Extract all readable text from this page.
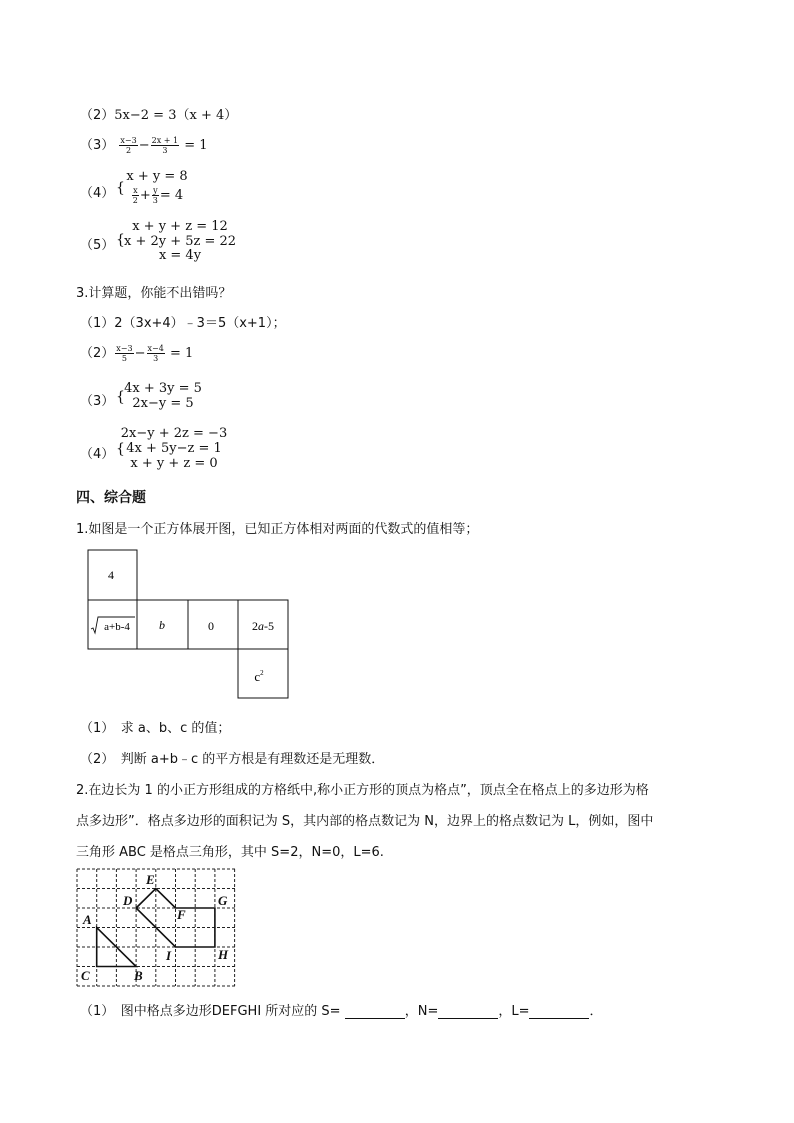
（2）5x−2 = 3（x + 4）
$(3) \frac{x-3}{2} - \frac{2x + 1}{3} = 1$
（4） {
x + y = 8
$\frac{x}{2} + \frac{y}{3} = 4$
（5） {
x + y + z = 12
x + 2y + 5z = 22
x = 4y
3.计算题，你能不出错吗？
（1）2（3x+4）﹣3＝5（x+1）；
$(2) \frac{x-3}{5} - \frac{x-4}{3} = 1$
（3） {
4x + 3y = 5
2x−y = 5
（4） {
2x−y + 2z = −3
4x + 5y−z = 1
x + y + z = 0
四、综合题
1.如图是一个正方体展开图，已知正方体相对两面的代数式的值相等；
4
a+b-4 b	0	2a-5
$c^2$
（1）　求 a、b、c 的值；
（2）　判断 a+b﹣c 的平方根是有理数还是无理数．
2.在边长为 1 的小正方形组成的方格纸中,称小正方形的顶点为格点”，顶点全在格点上的多边形为格
点多边形”．格点多边形的面积记为 S，其内部的格点数记为 N，边界上的格点数记为 L，例如，图中
三角形 ABC 是格点三角形，其中 S=2，N=0，L=6.
E
D
F
G
A
H
I
C	B
（1）　图中格点多边形DEFGHI 所对应的 S=	，N=	，L=	．
